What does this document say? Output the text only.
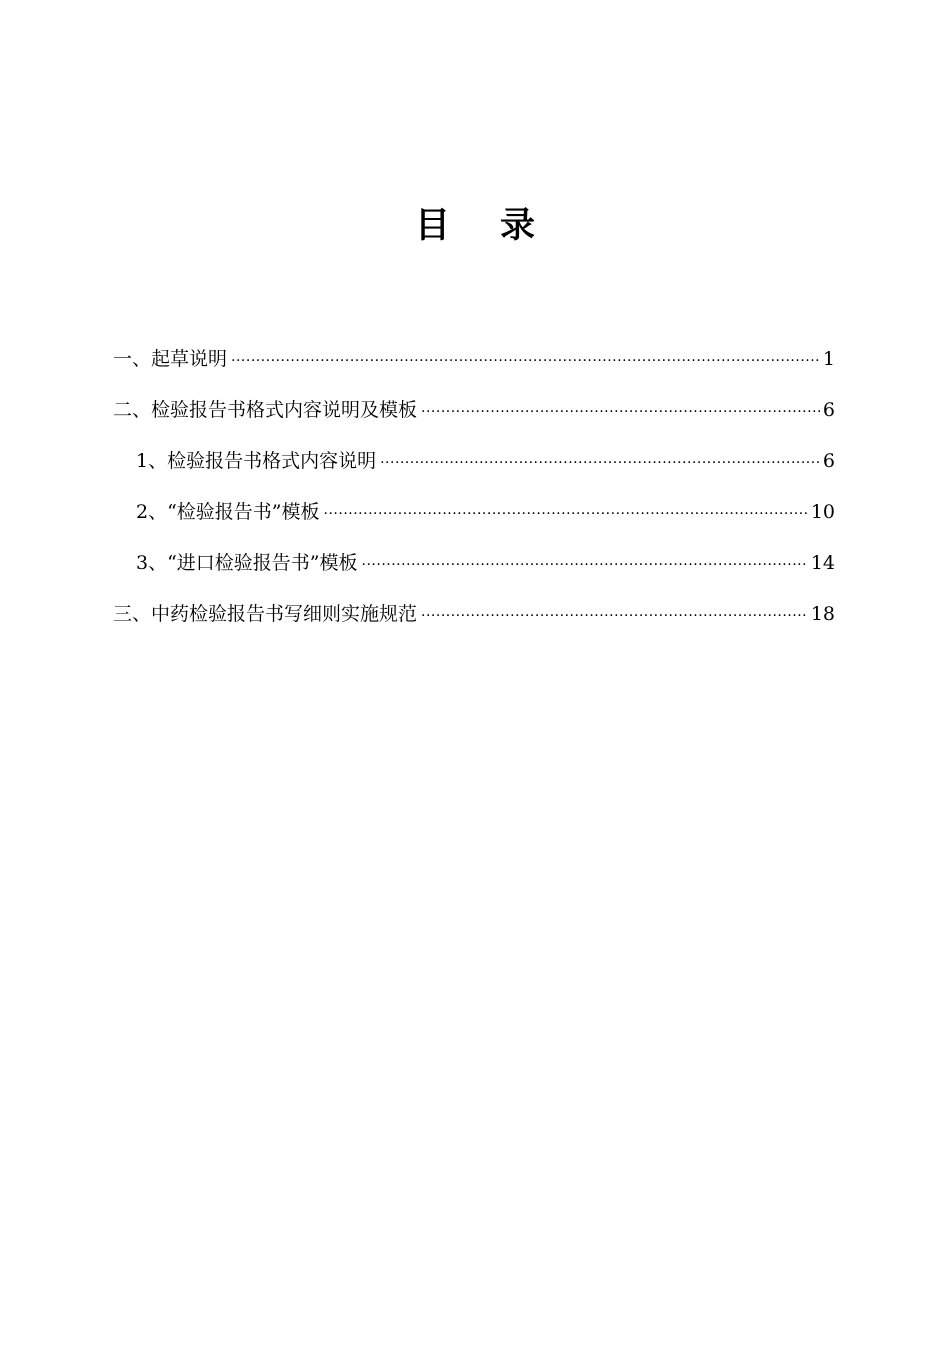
目录
一、起草说明 ·····	1
二、检验报告书格式内容说明及模板 ·····	6
1、检验报告书格式内容说明 ·····	6
2、“检验报告书”模板 ·····	10
3、“进口检验报告书”模板 ·····	14
三、中药检验报告书写细则实施规范 ·····	18
